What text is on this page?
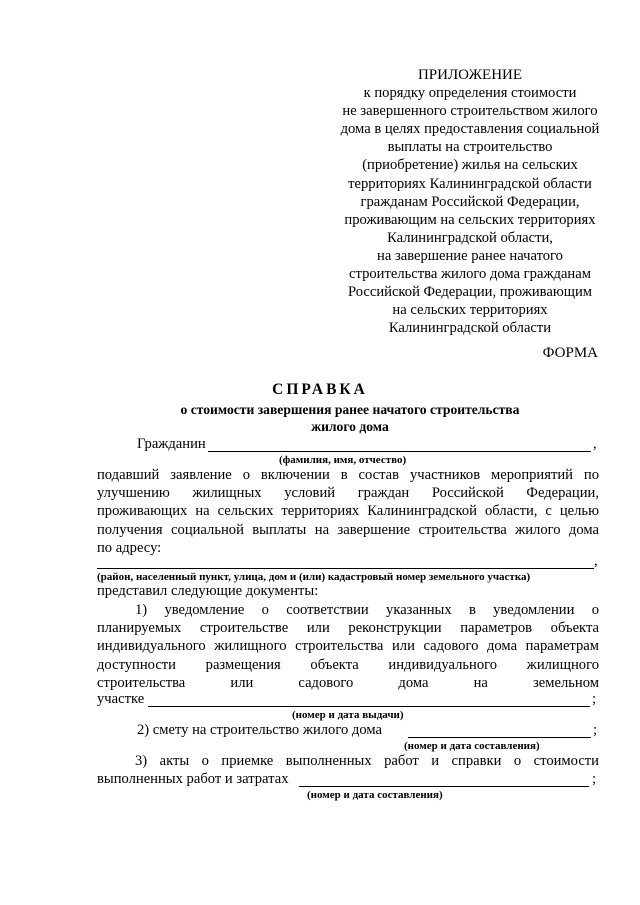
ПРИЛОЖЕНИЕ
к порядку определения стоимости
не завершенного строительством жилого
дома в целях предоставления социальной
выплаты на строительство
(приобретение) жилья на сельских
территориях Калининградской области
гражданам Российской Федерации,
проживающим на сельских территориях
Калининградской области,
на завершение ранее начатого
строительства жилого дома гражданам
Российской Федерации, проживающим
на сельских территориях
Калининградской области
ФОРМА
СПРАВКА
о стоимости завершения ранее начатого строительства
жилого дома
Гражданин	,
(фамилия, имя, отчество)
подавший заявление о включении в состав участников мероприятий по
улучшению жилищных условий граждан Российской Федерации,
проживающих на сельских территориях Калининградской области, с целью
получения социальной выплаты на завершение строительства жилого дома
по адресу:
,
(район, населенный пункт, улица, дом и (или) кадастровый номер земельного участка)
представил следующие документы:
1) уведомление о соответствии указанных в уведомлении о
планируемых строительстве или реконструкции параметров объекта
индивидуального жилищного строительства или садового дома параметрам
доступности размещения объекта индивидуального жилищного
строительства или садового дома на земельном
участке	;
(номер и дата выдачи)
2) смету на строительство жилого дома	;
(номер и дата составления)
3) акты о приемке выполненных работ и справки о стоимости
выполненных работ и затратах	;
(номер и дата составления)
